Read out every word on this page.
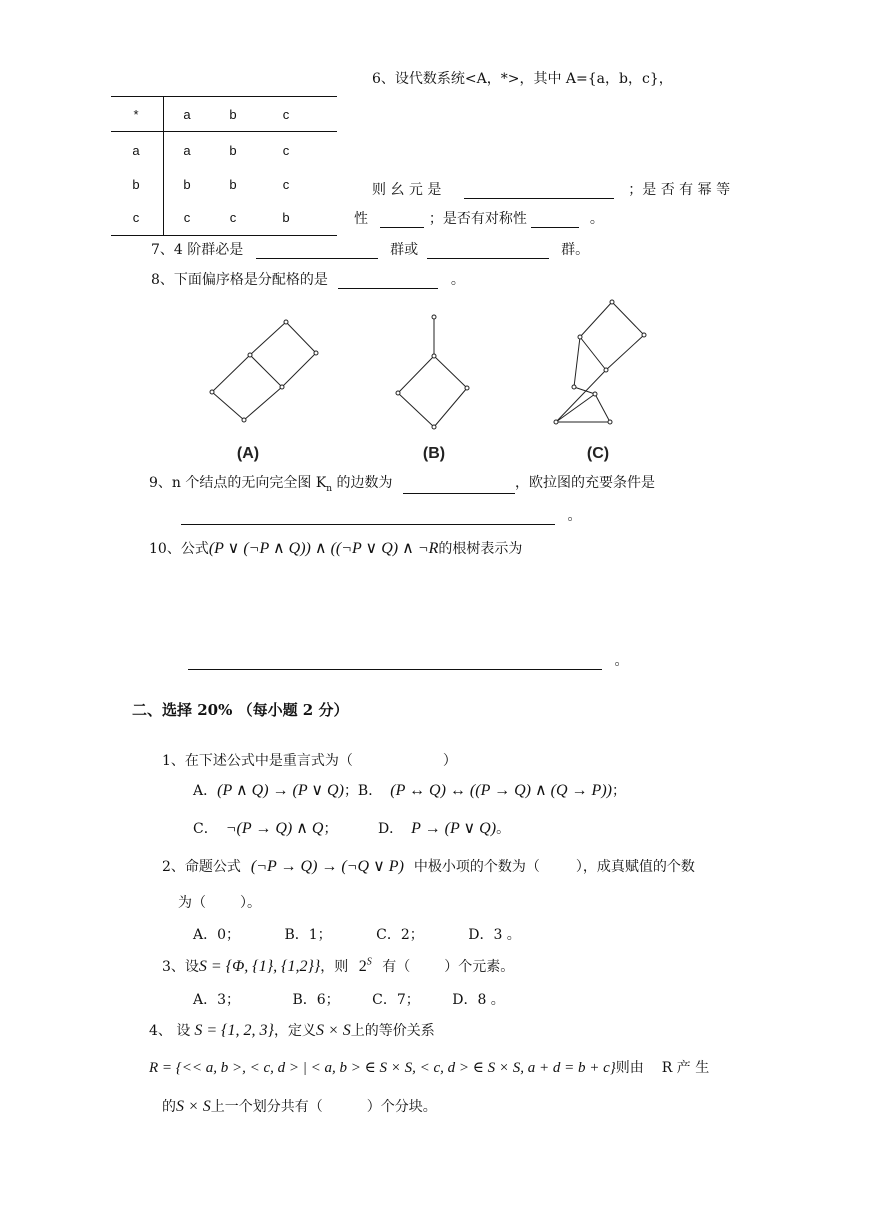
6、设代数系统<A，*>，其中 A={a，b，c}，
*	a	b	c
a	a	b	c
b	b	b	c
c	c	c	b
则 幺 元 是	；是 否 有 幂 等
性	；是否有对称性	。
7、4 阶群必是	群或	群。
8、下面偏序格是分配格的是	。
(A)	(B)	(C)
9、n 个结点的无向完全图 $K_n$ 的边数为	，欧拉图的充要条件是
。
10、公式(P ∨ (¬P ∧ Q)) ∧ ((¬P ∨ Q) ∧ ¬R的根树表示为
。
二、选择 20% （每小题 2 分）
1、在下述公式中是重言式为（	）
A．(P ∧ Q) → (P ∨ Q)；B． (P ↔ Q) ↔ ((P → Q) ∧ (Q → P))；
C． ¬(P → Q) ∧ Q；	D． P → (P ∨ Q)。
2、命题公式 (¬P → Q) → (¬Q ∨ P) 中极小项的个数为（	），成真赋值的个数
为（ ）。
A．0；	B．1；	C．2；	D．3 。
3、设S = {Φ, {1}, {1,2}}，则 $2^S$ 有（ ）个元素。
A．3；	B．6； C．7； D．8 。
4、 设 S = {1, 2, 3}，定义S × S上的等价关系
R = {<< a, b >, < c, d > | < a, b > ∈ S × S, < c, d > ∈ S × S, a + d = b + c}则由 R 产 生
的S × S上一个划分共有（	）个分块。
